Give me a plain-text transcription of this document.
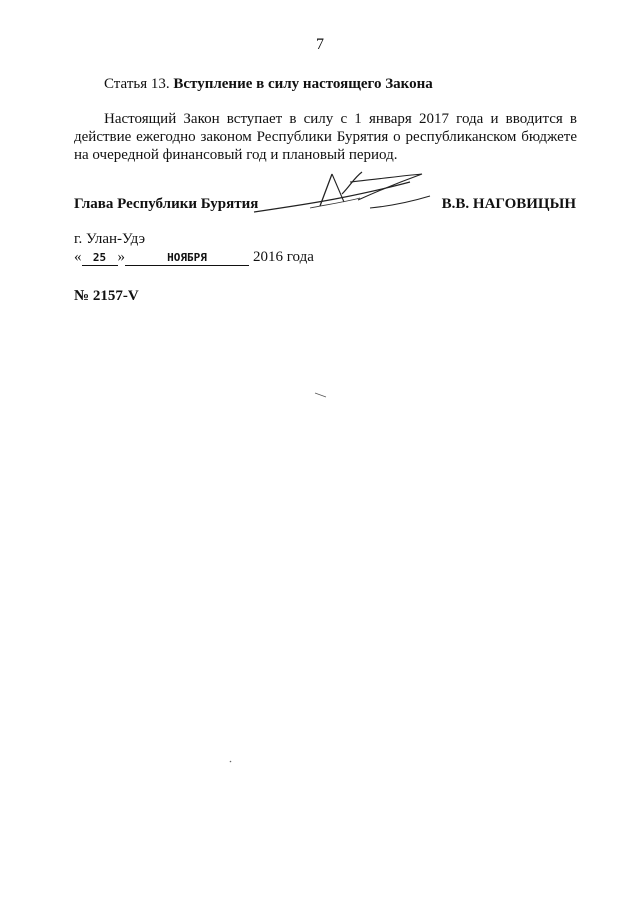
7
Статья 13. Вступление в силу настоящего Закона

Настоящий Закон вступает в силу с 1 января 2017 года и вводится в действие ежегодно законом Республики Бурятия о республиканском бюджете на очередной финансовый год и плановый период.

Глава Республики Бурятия	В.В. НАГОВИЦЫН
г. Улан-Удэ
« 25 »	НОЯБРЯ	2016 года
№ 2157-V
